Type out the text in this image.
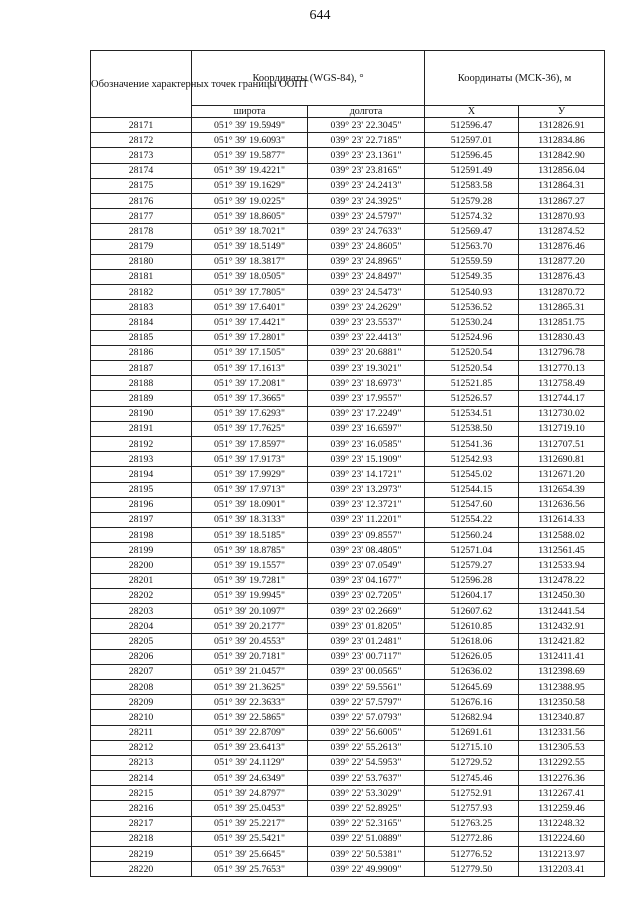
644
Обозначение характерных точек границы ООПТ	Координаты (WGS-84), °		Координаты (МСК-36), м	
	широта	долгота	X	У
28171	051° 39' 19.5949"	039° 23' 22.3045"	512596.47	1312826.91
28172	051° 39' 19.6093"	039° 23' 22.7185"	512597.01	1312834.86
28173	051° 39' 19.5877"	039° 23' 23.1361"	512596.45	1312842.90
28174	051° 39' 19.4221"	039° 23' 23.8165"	512591.49	1312856.04
28175	051° 39' 19.1629"	039° 23' 24.2413"	512583.58	1312864.31
28176	051° 39' 19.0225"	039° 23' 24.3925"	512579.28	1312867.27
28177	051° 39' 18.8605"	039° 23' 24.5797"	512574.32	1312870.93
28178	051° 39' 18.7021"	039° 23' 24.7633"	512569.47	1312874.52
28179	051° 39' 18.5149"	039° 23' 24.8605"	512563.70	1312876.46
28180	051° 39' 18.3817"	039° 23' 24.8965"	512559.59	1312877.20
28181	051° 39' 18.0505"	039° 23' 24.8497"	512549.35	1312876.43
28182	051° 39' 17.7805"	039° 23' 24.5473"	512540.93	1312870.72
28183	051° 39' 17.6401"	039° 23' 24.2629"	512536.52	1312865.31
28184	051° 39' 17.4421"	039° 23' 23.5537"	512530.24	1312851.75
28185	051° 39' 17.2801"	039° 23' 22.4413"	512524.96	1312830.43
28186	051° 39' 17.1505"	039° 23' 20.6881"	512520.54	1312796.78
28187	051° 39' 17.1613"	039° 23' 19.3021"	512520.54	1312770.13
28188	051° 39' 17.2081"	039° 23' 18.6973"	512521.85	1312758.49
28189	051° 39' 17.3665"	039° 23' 17.9557"	512526.57	1312744.17
28190	051° 39' 17.6293"	039° 23' 17.2249"	512534.51	1312730.02
28191	051° 39' 17.7625"	039° 23' 16.6597"	512538.50	1312719.10
28192	051° 39' 17.8597"	039° 23' 16.0585"	512541.36	1312707.51
28193	051° 39' 17.9173"	039° 23' 15.1909"	512542.93	1312690.81
28194	051° 39' 17.9929"	039° 23' 14.1721"	512545.02	1312671.20
28195	051° 39' 17.9713"	039° 23' 13.2973"	512544.15	1312654.39
28196	051° 39' 18.0901"	039° 23' 12.3721"	512547.60	1312636.56
28197	051° 39' 18.3133"	039° 23' 11.2201"	512554.22	1312614.33
28198	051° 39' 18.5185"	039° 23' 09.8557"	512560.24	1312588.02
28199	051° 39' 18.8785"	039° 23' 08.4805"	512571.04	1312561.45
28200	051° 39' 19.1557"	039° 23' 07.0549"	512579.27	1312533.94
28201	051° 39' 19.7281"	039° 23' 04.1677"	512596.28	1312478.22
28202	051° 39' 19.9945"	039° 23' 02.7205"	512604.17	1312450.30
28203	051° 39' 20.1097"	039° 23' 02.2669"	512607.62	1312441.54
28204	051° 39' 20.2177"	039° 23' 01.8205"	512610.85	1312432.91
28205	051° 39' 20.4553"	039° 23' 01.2481"	512618.06	1312421.82
28206	051° 39' 20.7181"	039° 23' 00.7117"	512626.05	1312411.41
28207	051° 39' 21.0457"	039° 23' 00.0565"	512636.02	1312398.69
28208	051° 39' 21.3625"	039° 22' 59.5561"	512645.69	1312388.95
28209	051° 39' 22.3633"	039° 22' 57.5797"	512676.16	1312350.58
28210	051° 39' 22.5865"	039° 22' 57.0793"	512682.94	1312340.87
28211	051° 39' 22.8709"	039° 22' 56.6005"	512691.61	1312331.56
28212	051° 39' 23.6413"	039° 22' 55.2613"	512715.10	1312305.53
28213	051° 39' 24.1129"	039° 22' 54.5953"	512729.52	1312292.55
28214	051° 39' 24.6349"	039° 22' 53.7637"	512745.46	1312276.36
28215	051° 39' 24.8797"	039° 22' 53.3029"	512752.91	1312267.41
28216	051° 39' 25.0453"	039° 22' 52.8925"	512757.93	1312259.46
28217	051° 39' 25.2217"	039° 22' 52.3165"	512763.25	1312248.32
28218	051° 39' 25.5421"	039° 22' 51.0889"	512772.86	1312224.60
28219	051° 39' 25.6645"	039° 22' 50.5381"	512776.52	1312213.97
28220	051° 39' 25.7653"	039° 22' 49.9909"	512779.50	1312203.41
